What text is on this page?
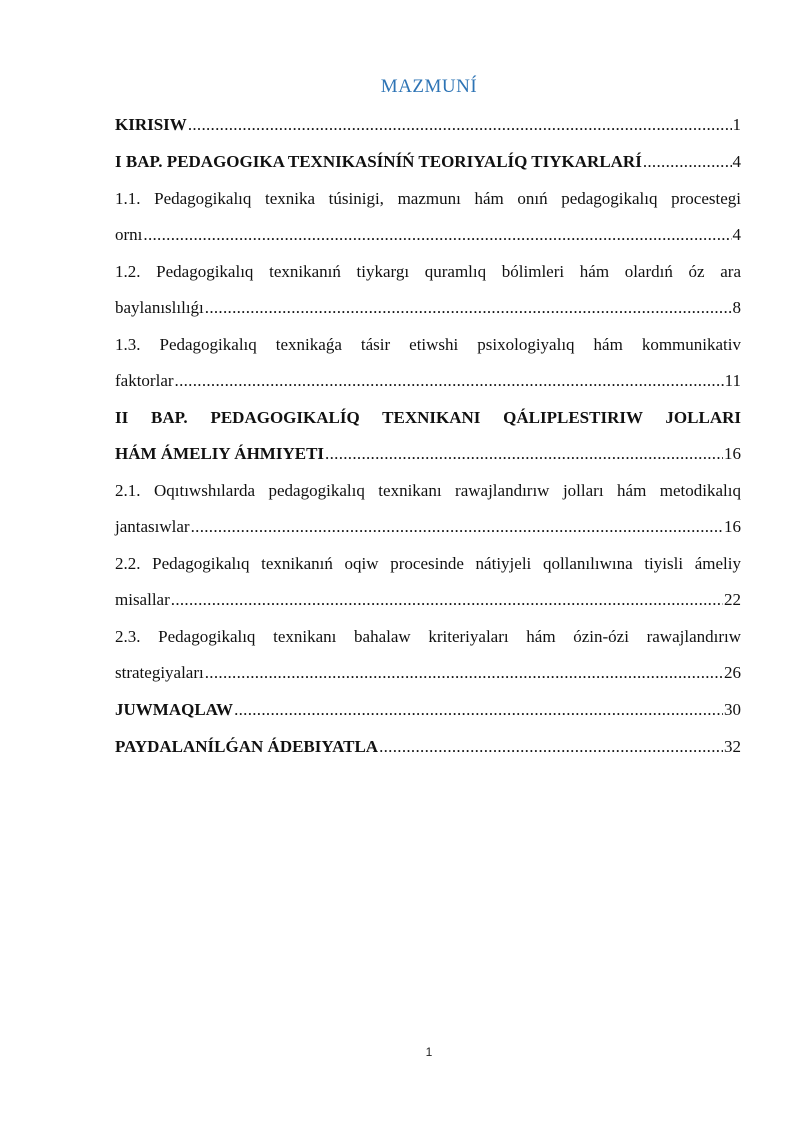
MAZMUNÍ
KIRISIW .....	1
I BAP. PEDAGOGIKA TEXNIKASÍNÍŃ TEORIYALÍQ TIYKARLARÍ .....	4
1.1. Pedagogikalıq texnika túsinigi, mazmunı hám onıń pedagogikalıq procestegi
ornı .....	4
1.2. Pedagogikalıq texnikanıń tiykargı quramlıq bólimleri hám olardıń óz ara
baylanıslılıǵı .....	8
1.3. Pedagogikalıq texnikaǵa tásir etiwshi psixologiyalıq hám kommunikativ
faktorlar .....	11
II BAP. PEDAGOGIKALÍQ TEXNIKANI QÁLIPLESTIRIW JOLLARI
HÁM ÁMELIY ÁHMIYETI .....	16
2.1. Oqıtıwshılarda pedagogikalıq texnikanı rawajlandırıw jolları hám metodikalıq
jantasıwlar .....	16
2.2. Pedagogikalıq texnikanıń oqiw procesinde nátiyjeli qollanılıwına tiyisli ámeliy
misallar .....	22
2.3. Pedagogikalıq texnikanı bahalaw kriteriyaları hám ózin-ózi rawajlandırıw
strategiyaları .....	26
JUWMAQLAW .....	30
PAYDALANÍLǴAN ÁDEBIYATLA .....	32
1
